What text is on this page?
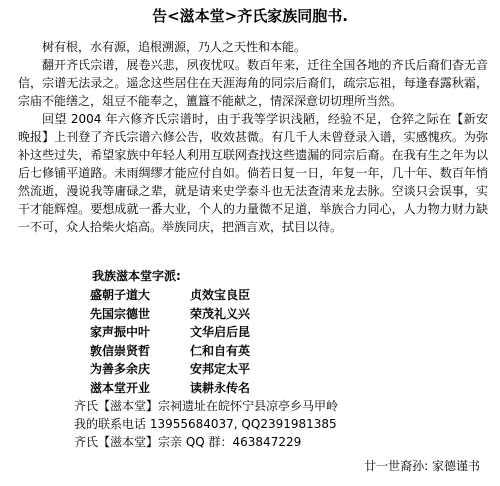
告<滋本堂>齐氏家族同胞书.

树有根，水有源，追根溯源，乃人之天性和本能。

翻开齐氏宗谱，展卷兴悲，夙夜忧叹。数百年来，迁往全国各地的齐氏后裔们杳无音信，宗谱无法录之。遥念这些居住在天涯海角的同宗后裔们，疏宗忘祖，每逢春露秋霜，宗庙不能缮之，俎豆不能奉之，簠簋不能献之，情深深意切切理所当然。

回望 2004 年六修齐氏宗谱时，由于我等学识浅陋，经验不足，仓猝之际在【新安晚报】上刊登了齐氏宗谱六修公告，收效甚微。有几千人未曾登录入谱，实感愧疚。为弥补这些过失，希望家族中年轻人利用互联网查找这些遗漏的同宗后裔。在我有生之年为以后七修铺平道路。未雨绸缪才能应付自如。倘若日复一日，年复一年，几十年、数百年悄然流逝，漫说我等庸碌之辈，就是请来史学泰斗也无法查清来龙去脉。空谈只会误事，实干才能辉煌。要想成就一番大业，个人的力量微不足道，举族合力同心，人力物力财力缺一不可，众人拾柴火焰高。举族同庆，把酒言欢，拭目以待。

我族滋本堂字派:
盛朝子道大	贞效宝良臣
先国宗德世	荣茂礼义兴
家声振中叶	文华启后昆
敦信崇贤哲	仁和自有英
为善多余庆	安邦定太平
滋本堂开业	读耕永传名
齐氏【滋本堂】宗祠遗址在皖怀宁县凉亭乡马甲岭
我的联系电话 13955684037, QQ2391981385
齐氏【滋本堂】宗亲 QQ 群：463847229
廿一世裔孙: 家德谨书
